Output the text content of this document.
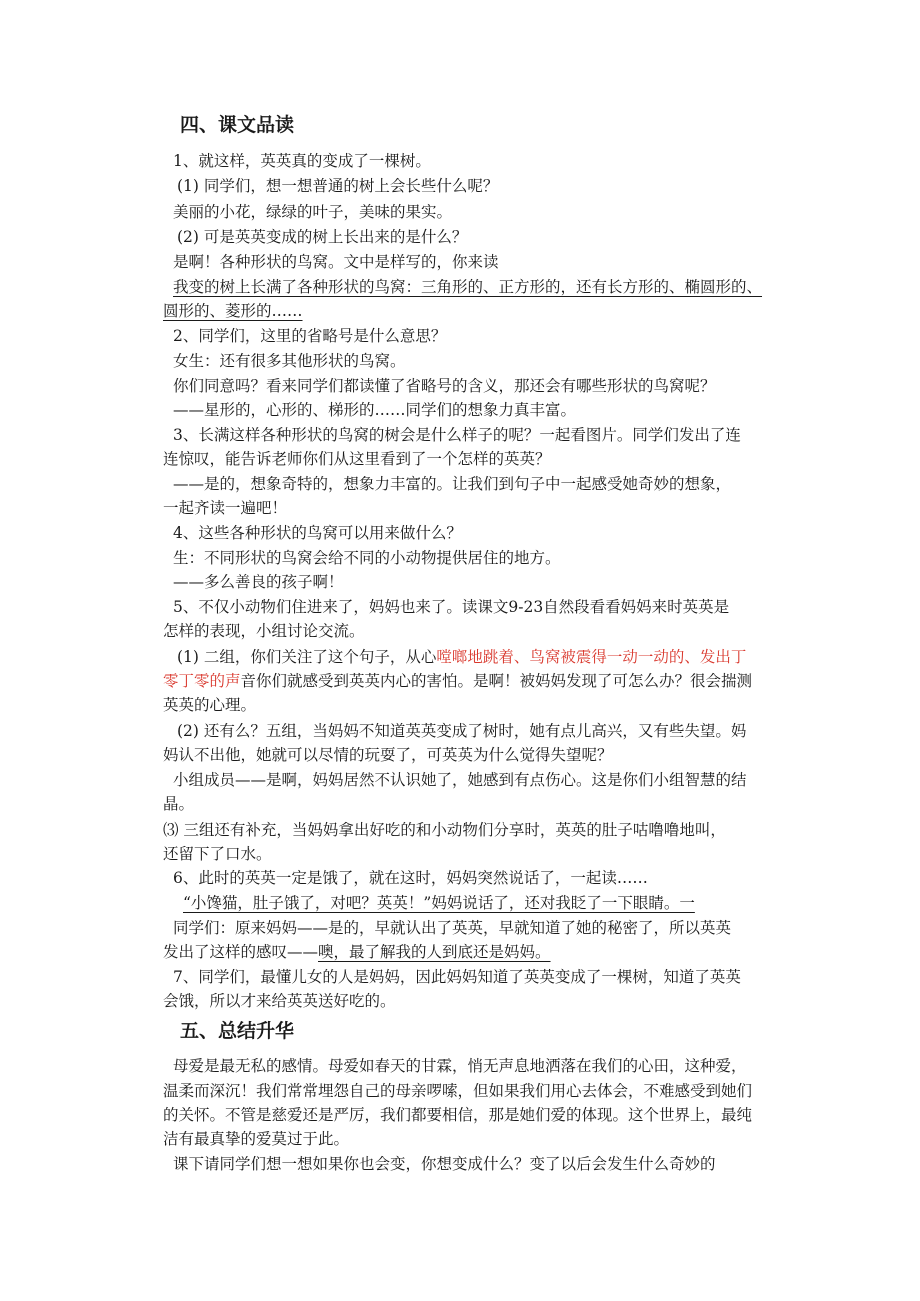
四、课文品读
1、就这样，英英真的变成了一棵树。
(1) 同学们，想一想普通的树上会长些什么呢？
美丽的小花，绿绿的叶子，美味的果实。
(2) 可是英英变成的树上长出来的是什么？
是啊！各种形状的鸟窝。文中是样写的，你来读
我变的树上长满了各种形状的鸟窝：三角形的、正方形的，还有长方形的、椭圆形的、
圆形的、菱形的……
2、同学们，这里的省略号是什么意思？
女生：还有很多其他形状的鸟窝。
你们同意吗？看来同学们都读懂了省略号的含义，那还会有哪些形状的鸟窝呢？
——星形的，心形的、梯形的……同学们的想象力真丰富。
3、长满这样各种形状的鸟窝的树会是什么样子的呢？一起看图片。同学们发出了连
连惊叹，能告诉老师你们从这里看到了一个怎样的英英？
——是的，想象奇特的，想象力丰富的。让我们到句子中一起感受她奇妙的想象，
一起齐读一遍吧！
4、这些各种形状的鸟窝可以用来做什么？
生：不同形状的鸟窝会给不同的小动物提供居住的地方。
——多么善良的孩子啊！
5、不仅小动物们住进来了，妈妈也来了。读课文9-23自然段看看妈妈来时英英是
怎样的表现，小组讨论交流。
(1) 二组，你们关注了这个句子，从心嘡啷地跳着、鸟窝被震得一动一动的、发出丁
零丁零的声音你们就感受到英英内心的害怕。是啊！被妈妈发现了可怎么办？很会揣测
英英的心理。
(2) 还有么？五组，当妈妈不知道英英变成了树时，她有点儿高兴，又有些失望。妈
妈认不出他，她就可以尽情的玩耍了，可英英为什么觉得失望呢？
小组成员——是啊，妈妈居然不认识她了，她感到有点伤心。这是你们小组智慧的结
晶。
⑶ 三组还有补充，当妈妈拿出好吃的和小动物们分享时，英英的肚子咕噜噜地叫，
还留下了口水。
6、此时的英英一定是饿了，就在这时，妈妈突然说话了，一起读……
“小馋猫，肚子饿了，对吧？英英！”妈妈说话了，还对我眨了一下眼睛。一
同学们：原来妈妈——是的，早就认出了英英，早就知道了她的秘密了，所以英英
发出了这样的感叹——噢，最了解我的人到底还是妈妈。
7、同学们，最懂儿女的人是妈妈，因此妈妈知道了英英变成了一棵树，知道了英英
会饿，所以才来给英英送好吃的。
五、总结升华
母爱是最无私的感情。母爱如春天的甘霖，悄无声息地洒落在我们的心田，这种爱，
温柔而深沉！我们常常埋怨自己的母亲啰嗦，但如果我们用心去体会，不难感受到她们
的关怀。不管是慈爱还是严厉，我们都要相信，那是她们爱的体现。这个世界上，最纯
洁有最真挚的爱莫过于此。
课下请同学们想一想如果你也会变，你想变成什么？变了以后会发生什么奇妙的
